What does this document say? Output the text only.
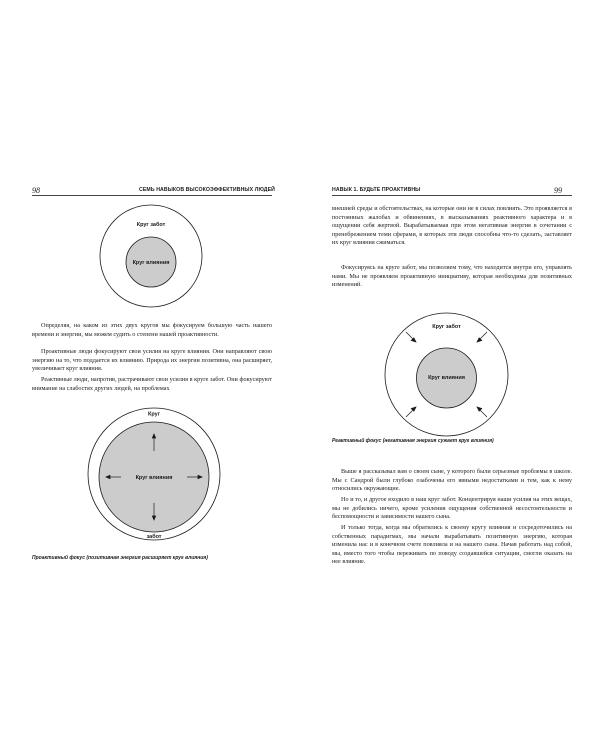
98	СЕМЬ НАВЫКОВ ВЫСОКОЭФФЕКТИВНЫХ ЛЮДЕЙ
Круг забот
Круг влияния

Определяя, на каком из этих двух кругов мы фокусируем большую часть нашего времени и энергии, мы можем судить о степени нашей проактивности.

Проактивные люди фокусируют свои усилия на круге влияния. Они направляют свою энергию на то, что поддается их влиянию. Природа их энергии позитивна, она расширяет, увеличивает круг влияния.

Реактивные люди, напротив, растрачивают свои усилия в круге забот. Они фокусируют внимание на слабостях других людей, на проблемах

Круг
забот
Круг влияния
Проактивный фокус (позитивная энергия расширяет круг влияния)
НАВЫК 1. БУДЬТЕ ПРОАКТИВНЫ	99

внешней среды и обстоятельствах, на которые они не в силах повлиять. Это проявляется в постоянных жалобах и обвинениях, в высказываниях реактивного характера и в ощущении себя жертвой. Вырабатываемая при этом негативная энергия в сочетании с пренебрежением теми сферами, в которых эти люди способны что-то сделать, заставляет их круг влияния сжиматься.

Фокусируясь на круге забот, мы позволяем тому, что находится внутри его, управлять нами. Мы не проявляем проактивную инициативу, которая необходима для позитивных изменений.

Круг забот
Круг влияния
Реактивный фокус (негативная энергия сужает круг влияния)

Выше я рассказывал вам о своем сыне, у которого были серьезные проблемы в школе. Мы с Сандрой были глубоко озабочены его явными недостатками и тем, как к нему относились окружающие.

Но и то, и другое входило в наш круг забот. Концентрируя наши усилия на этих вещах, мы не добились ничего, кроме усиления ощущения собственной несостоятельности и беспомощности и зависимости нашего сына.

И только тогда, когда мы обратились к своему кругу влияния и сосредоточились на собственных парадигмах, мы начали вырабатывать позитивную энергию, которая изменила нас и в конечном счете повлияла и на нашего сына. Начав работать над собой, мы, вместо того чтобы переживать по поводу создавшейся ситуации, смогли оказать на нее влияние.
